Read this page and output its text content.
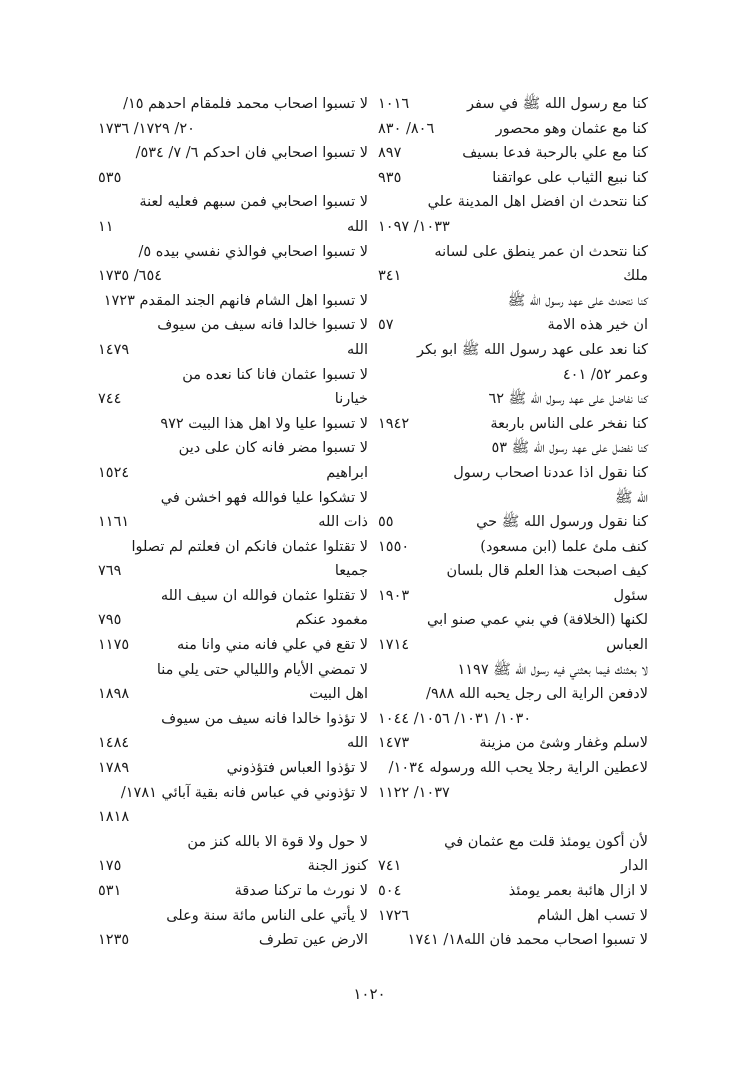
كنا مع رسول الله ﷺ في سفر
١٠١٦
كنا مع عثمان وهو محصور
٨٠٦/ ٨٣٠
كنا مع علي بالرحبة فدعا بسيف
٨٩٧
كنا نبيع الثياب على عواتقنا
٩٣٥
كنا نتحدث ان افضل اهل المدينة علي
١٠٣٣/ ١٠٩٧
كنا نتحدث ان عمر ينطق على لسانه
ملك
٣٤١
كنا نتحدث على عهد رسول الله ﷺ
ان خير هذه الامة
٥٧
كنا نعد على عهد رسول الله ﷺ ابو بكر
وعمر ٥٢/ ٤٠١
كنا نفاضل على عهد رسول الله ﷺ ٦٢
كنا نفخر على الناس باربعة
١٩٤٢
كنا نفضل على عهد رسول الله ﷺ ٥٣
كنا نقول اذا عددنا اصحاب رسول
الله ﷺ
كنا نقول ورسول الله ﷺ حي
٥٥
كنف ملئ علما (ابن مسعود)
١٥٥٠
كيف اصبحت هذا العلم قال بلسان
سئول
١٩٠٣
لكنها (الخلافة) في بني عمي صنو ابي
العباس
١٧١٤
لا بعثنك فيما بعثني فيه رسول الله ﷺ ١١٩٧
لادفعن الراية الى رجل يحبه الله ٩٨٨/
١٠٣٠/ ١٠٣١/ ١٠٥٦/ ١٠٤٤
لاسلم وغفار وشئ من مزينة
١٤٧٣
لاعطين الراية رجلا يحب الله ورسوله ١٠٣٤/
١٠٣٧/ ١١٢٢
لأن أكون يومئذ قلت مع عثمان في
الدار
٧٤١
لا ازال هائبة بعمر يومئذ
٥٠٤
لا تسب اهل الشام
١٧٢٦
لا تسبوا اصحاب محمد فان الله١٨/ ١٧٤١
لا تسبوا اصحاب محمد فلمقام احدهم ١٥/
٢٠/ ١٧٢٩/ ١٧٣٦
لا تسبوا اصحابي فان احدكم ٦/ ٧/ ٥٣٤/
٥٣٥
لا تسبوا اصحابي فمن سبهم فعليه لعنة
الله
١١
لا تسبوا اصحابي فوالذي نفسي بيده ٥/
٦٥٤/ ١٧٣٥
لا تسبوا اهل الشام فانهم الجند المقدم ١٧٢٣
لا تسبوا خالدا فانه سيف من سيوف
الله
١٤٧٩
لا تسبوا عثمان فانا كنا نعده من
خيارنا
٧٤٤
لا تسبوا عليا ولا اهل هذا البيت ٩٧٢
لا تسبوا مضر فانه كان على دين
ابراهيم
١٥٢٤
لا تشكوا عليا فوالله فهو اخشن في
ذات الله
١١٦١
لا تقتلوا عثمان فانكم ان فعلتم لم تصلوا
جميعا
٧٦٩
لا تقتلوا عثمان فوالله ان سيف الله
مغمود عنكم
٧٩٥
لا تقع في علي فانه مني وانا منه
١١٧٥
لا تمضي الأيام والليالي حتى يلي منا
اهل البيت
١٨٩٨
لا تؤذوا خالدا فانه سيف من سيوف
الله
١٤٨٤
لا تؤذوا العباس فتؤذوني
١٧٨٩
لا تؤذوني في عباس فانه بقية آبائي ١٧٨١/
١٨١٨
لا حول ولا قوة الا بالله كنز من
كنوز الجنة
١٧٥
لا نورث ما تركنا صدقة
٥٣١
لا يأتي على الناس مائة سنة وعلى
الارض عين تطرف
١٢٣٥
١٠٢٠
